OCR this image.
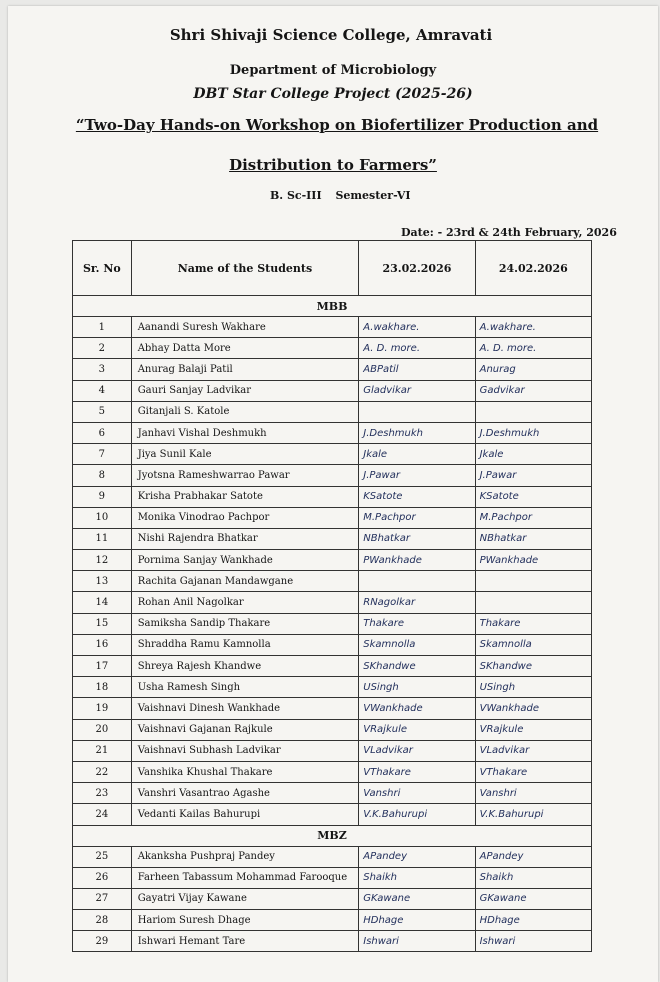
Shri Shivaji Science College, Amravati
Department of Microbiology
DBT Star College Project (2025-26)
“Two-Day Hands-on Workshop on Biofertilizer Production and
Distribution to Farmers”
B. Sc-III Semester-VI
Date: - 23rd & 24th February, 2026
Sr. No	Name of the Students	23.02.2026	24.02.2026
MBB			
1	Aanandi Suresh Wakhare	A.wakhare.	A.wakhare.
2	Abhay Datta More	A. D. more.	A. D. more.
3	Anurag Balaji Patil	ABPatil	Anurag
4	Gauri Sanjay Ladvikar	Gladvikar	Gadvikar
5	Gitanjali S. Katole		
6	Janhavi Vishal Deshmukh	J.Deshmukh	J.Deshmukh
7	Jiya Sunil Kale	Jkale	Jkale
8	Jyotsna Rameshwarrao Pawar	J.Pawar	J.Pawar
9	Krisha Prabhakar Satote	KSatote	KSatote
10	Monika Vinodrao Pachpor	M.Pachpor	M.Pachpor
11	Nishi Rajendra Bhatkar	NBhatkar	NBhatkar
12	Pornima Sanjay Wankhade	PWankhade	PWankhade
13	Rachita Gajanan Mandawgane		
14	Rohan Anil Nagolkar	RNagolkar	
15	Samiksha Sandip Thakare	Thakare	Thakare
16	Shraddha Ramu Kamnolla	Skamnolla	Skamnolla
17	Shreya Rajesh Khandwe	SKhandwe	SKhandwe
18	Usha Ramesh Singh	USingh	USingh
19	Vaishnavi Dinesh Wankhade	VWankhade	VWankhade
20	Vaishnavi Gajanan Rajkule	VRajkule	VRajkule
21	Vaishnavi Subhash Ladvikar	VLadvikar	VLadvikar
22	Vanshika Khushal Thakare	VThakare	VThakare
23	Vanshri Vasantrao Agashe	Vanshri	Vanshri
24	Vedanti Kailas Bahurupi	V.K.Bahurupi	V.K.Bahurupi
MBZ			
25	Akanksha Pushpraj Pandey	APandey	APandey
26	Farheen Tabassum Mohammad Farooque	Shaikh	Shaikh
27	Gayatri Vijay Kawane	GKawane	GKawane
28	Hariom Suresh Dhage	HDhage	HDhage
29	Ishwari Hemant Tare	Ishwari	Ishwari
